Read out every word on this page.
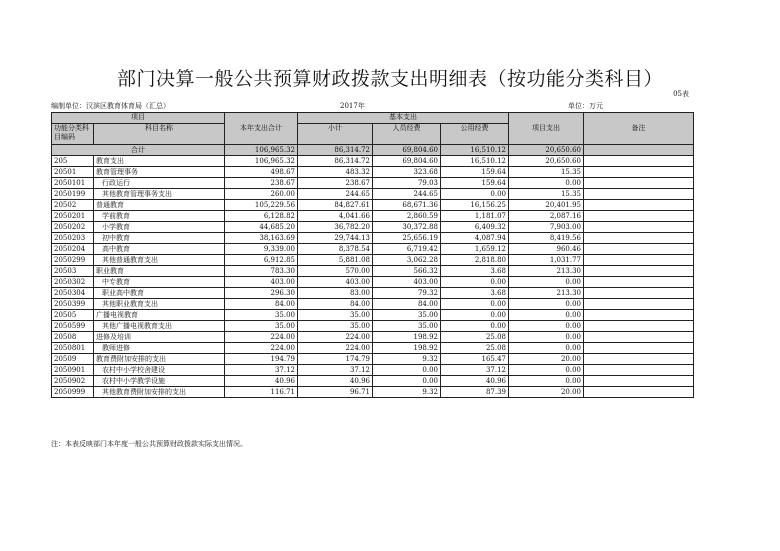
部门决算一般公共预算财政拨款支出明细表（按功能分类科目）
05表
编制单位：汉滨区教育体育局（汇总）	2017年	单位：万元
项目		本年支出合计	基本支出			项目支出	备注
功能分类科目编码	科目名称		小计	人员经费	公用经费		

合计		106,965.32	86,314.72	69,804.60	16,510.12	20,650.60	
205	教育支出	106,965.32	86,314.72	69,804.60	16,510.12	20,650.60	
20501	教育管理事务	498.67	483.32	323.68	159.64	15.35	
2050101	行政运行	238.67	238.67	79.03	159.64	0.00	
2050199	其他教育管理事务支出	260.00	244.65	244.65	0.00	15.35	
20502	普通教育	105,229.56	84,827.61	68,671.36	16,156.25	20,401.95	
2050201	学前教育	6,128.82	4,041.66	2,860.59	1,181.07	2,087.16	
2050202	小学教育	44,685.20	36,782.20	30,372.88	6,409.32	7,903.00	
2050203	初中教育	38,163.69	29,744.13	25,656.19	4,087.94	8,419.56	
2050204	高中教育	9,339.00	8,378.54	6,719.42	1,659.12	960.46	
2050299	其他普通教育支出	6,912.85	5,881.08	3,062.28	2,818.80	1,031.77	
20503	职业教育	783.30	570.00	566.32	3.68	213.30	
2050302	中专教育	403.00	403.00	403.00	0.00	0.00	
2050304	职业高中教育	296.30	83.00	79.32	3.68	213.30	
2050399	其他职业教育支出	84.00	84.00	84.00	0.00	0.00	
20505	广播电视教育	35.00	35.00	35.00	0.00	0.00	
2050599	其他广播电视教育支出	35.00	35.00	35.00	0.00	0.00	
20508	进修及培训	224.00	224.00	198.92	25.08	0.00	
2050801	教师进修	224.00	224.00	198.92	25.08	0.00	
20509	教育费附加安排的支出	194.79	174.79	9.32	165.47	20.00	
2050901	农村中小学校舍建设	37.12	37.12	0.00	37.12	0.00	
2050902	农村中小学教学设施	40.96	40.96	0.00	40.96	0.00	
2050999	其他教育费附加安排的支出	116.71	96.71	9.32	87.39	20.00	
注：本表反映部门本年度一般公共预算财政拨款实际支出情况。
